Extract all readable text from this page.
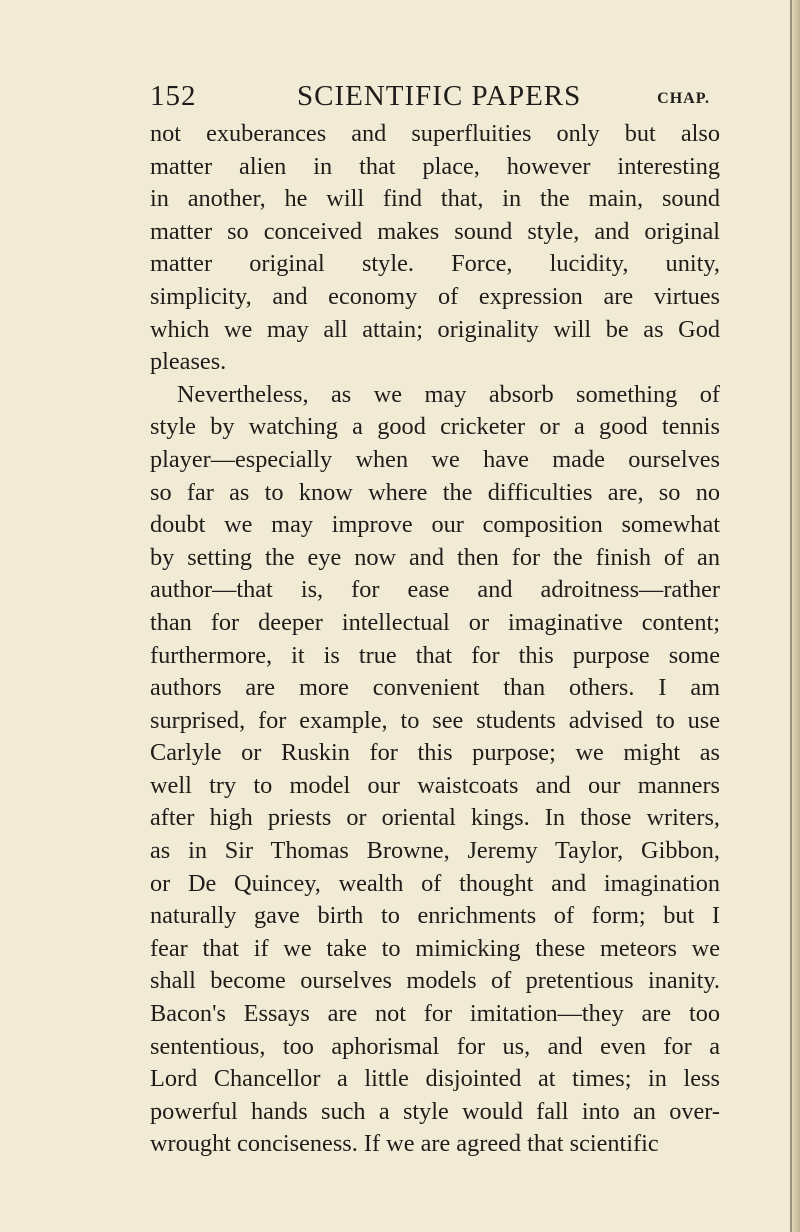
152	SCIENTIFIC PAPERS	CHAP.
not exuberances and superfluities only but also
matter alien in that place, however interesting
in another, he will find that, in the main, sound
matter so conceived makes sound style, and original
matter original style. Force, lucidity, unity,
simplicity, and economy of expression are virtues
which we may all attain; originality will be as God
pleases.
Nevertheless, as we may absorb something of
style by watching a good cricketer or a good tennis
player—especially when we have made ourselves
so far as to know where the difficulties are, so no
doubt we may improve our composition somewhat
by setting the eye now and then for the finish of an
author—that is, for ease and adroitness—rather
than for deeper intellectual or imaginative content;
furthermore, it is true that for this purpose some
authors are more convenient than others. I am
surprised, for example, to see students advised to use
Carlyle or Ruskin for this purpose; we might as
well try to model our waistcoats and our manners
after high priests or oriental kings. In those writers,
as in Sir Thomas Browne, Jeremy Taylor, Gibbon,
or De Quincey, wealth of thought and imagination
naturally gave birth to enrichments of form; but I
fear that if we take to mimicking these meteors we
shall become ourselves models of pretentious inanity.
Bacon's Essays are not for imitation—they are too
sententious, too aphorismal for us, and even for a
Lord Chancellor a little disjointed at times; in less
powerful hands such a style would fall into an over-
wrought conciseness. If we are agreed that scientific
